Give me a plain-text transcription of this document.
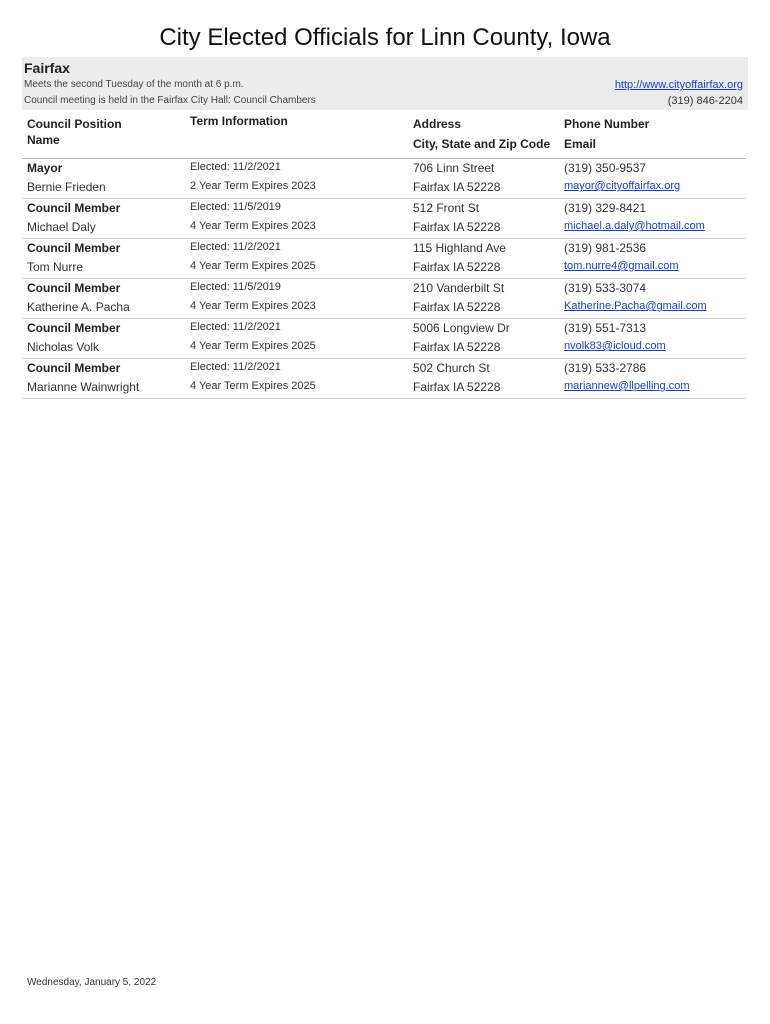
City Elected Officials for Linn County, Iowa
Fairfax
Meets the second Tuesday of the month at 6 p.m.
Council meeting is held in the Fairfax City Hall: Council Chambers
http://www.cityoffairfax.org
(319) 846-2204
Council Position
Name
Term Information	Address
City, State and Zip Code
Phone Number
Email
Mayor
Bernie Frieden
Elected: 11/2/2021
2 Year Term Expires 2023
706 Linn Street
Fairfax IA 52228
(319) 350-9537
mayor@cityoffairfax.org
Council Member
Michael Daly
Elected: 11/5/2019
4 Year Term Expires 2023
512 Front St
Fairfax IA 52228
(319) 329-8421
michael.a.daly@hotmail.com
Council Member
Tom Nurre
Elected: 11/2/2021
4 Year Term Expires 2025
115 Highland Ave
Fairfax IA 52228
(319) 981-2536
tom.nurre4@gmail.com
Council Member
Katherine A. Pacha
Elected: 11/5/2019
4 Year Term Expires 2023
210 Vanderbilt St
Fairfax IA 52228
(319) 533-3074
Katherine.Pacha@gmail.com
Council Member
Nicholas Volk
Elected: 11/2/2021
4 Year Term Expires 2025
5006 Longview Dr
Fairfax IA 52228
(319) 551-7313
nvolk83@icloud.com
Council Member
Marianne Wainwright
Elected: 11/2/2021
4 Year Term Expires 2025
502 Church St
Fairfax IA 52228
(319) 533-2786
mariannew@llpelling.com
Wednesday, January 5, 2022
